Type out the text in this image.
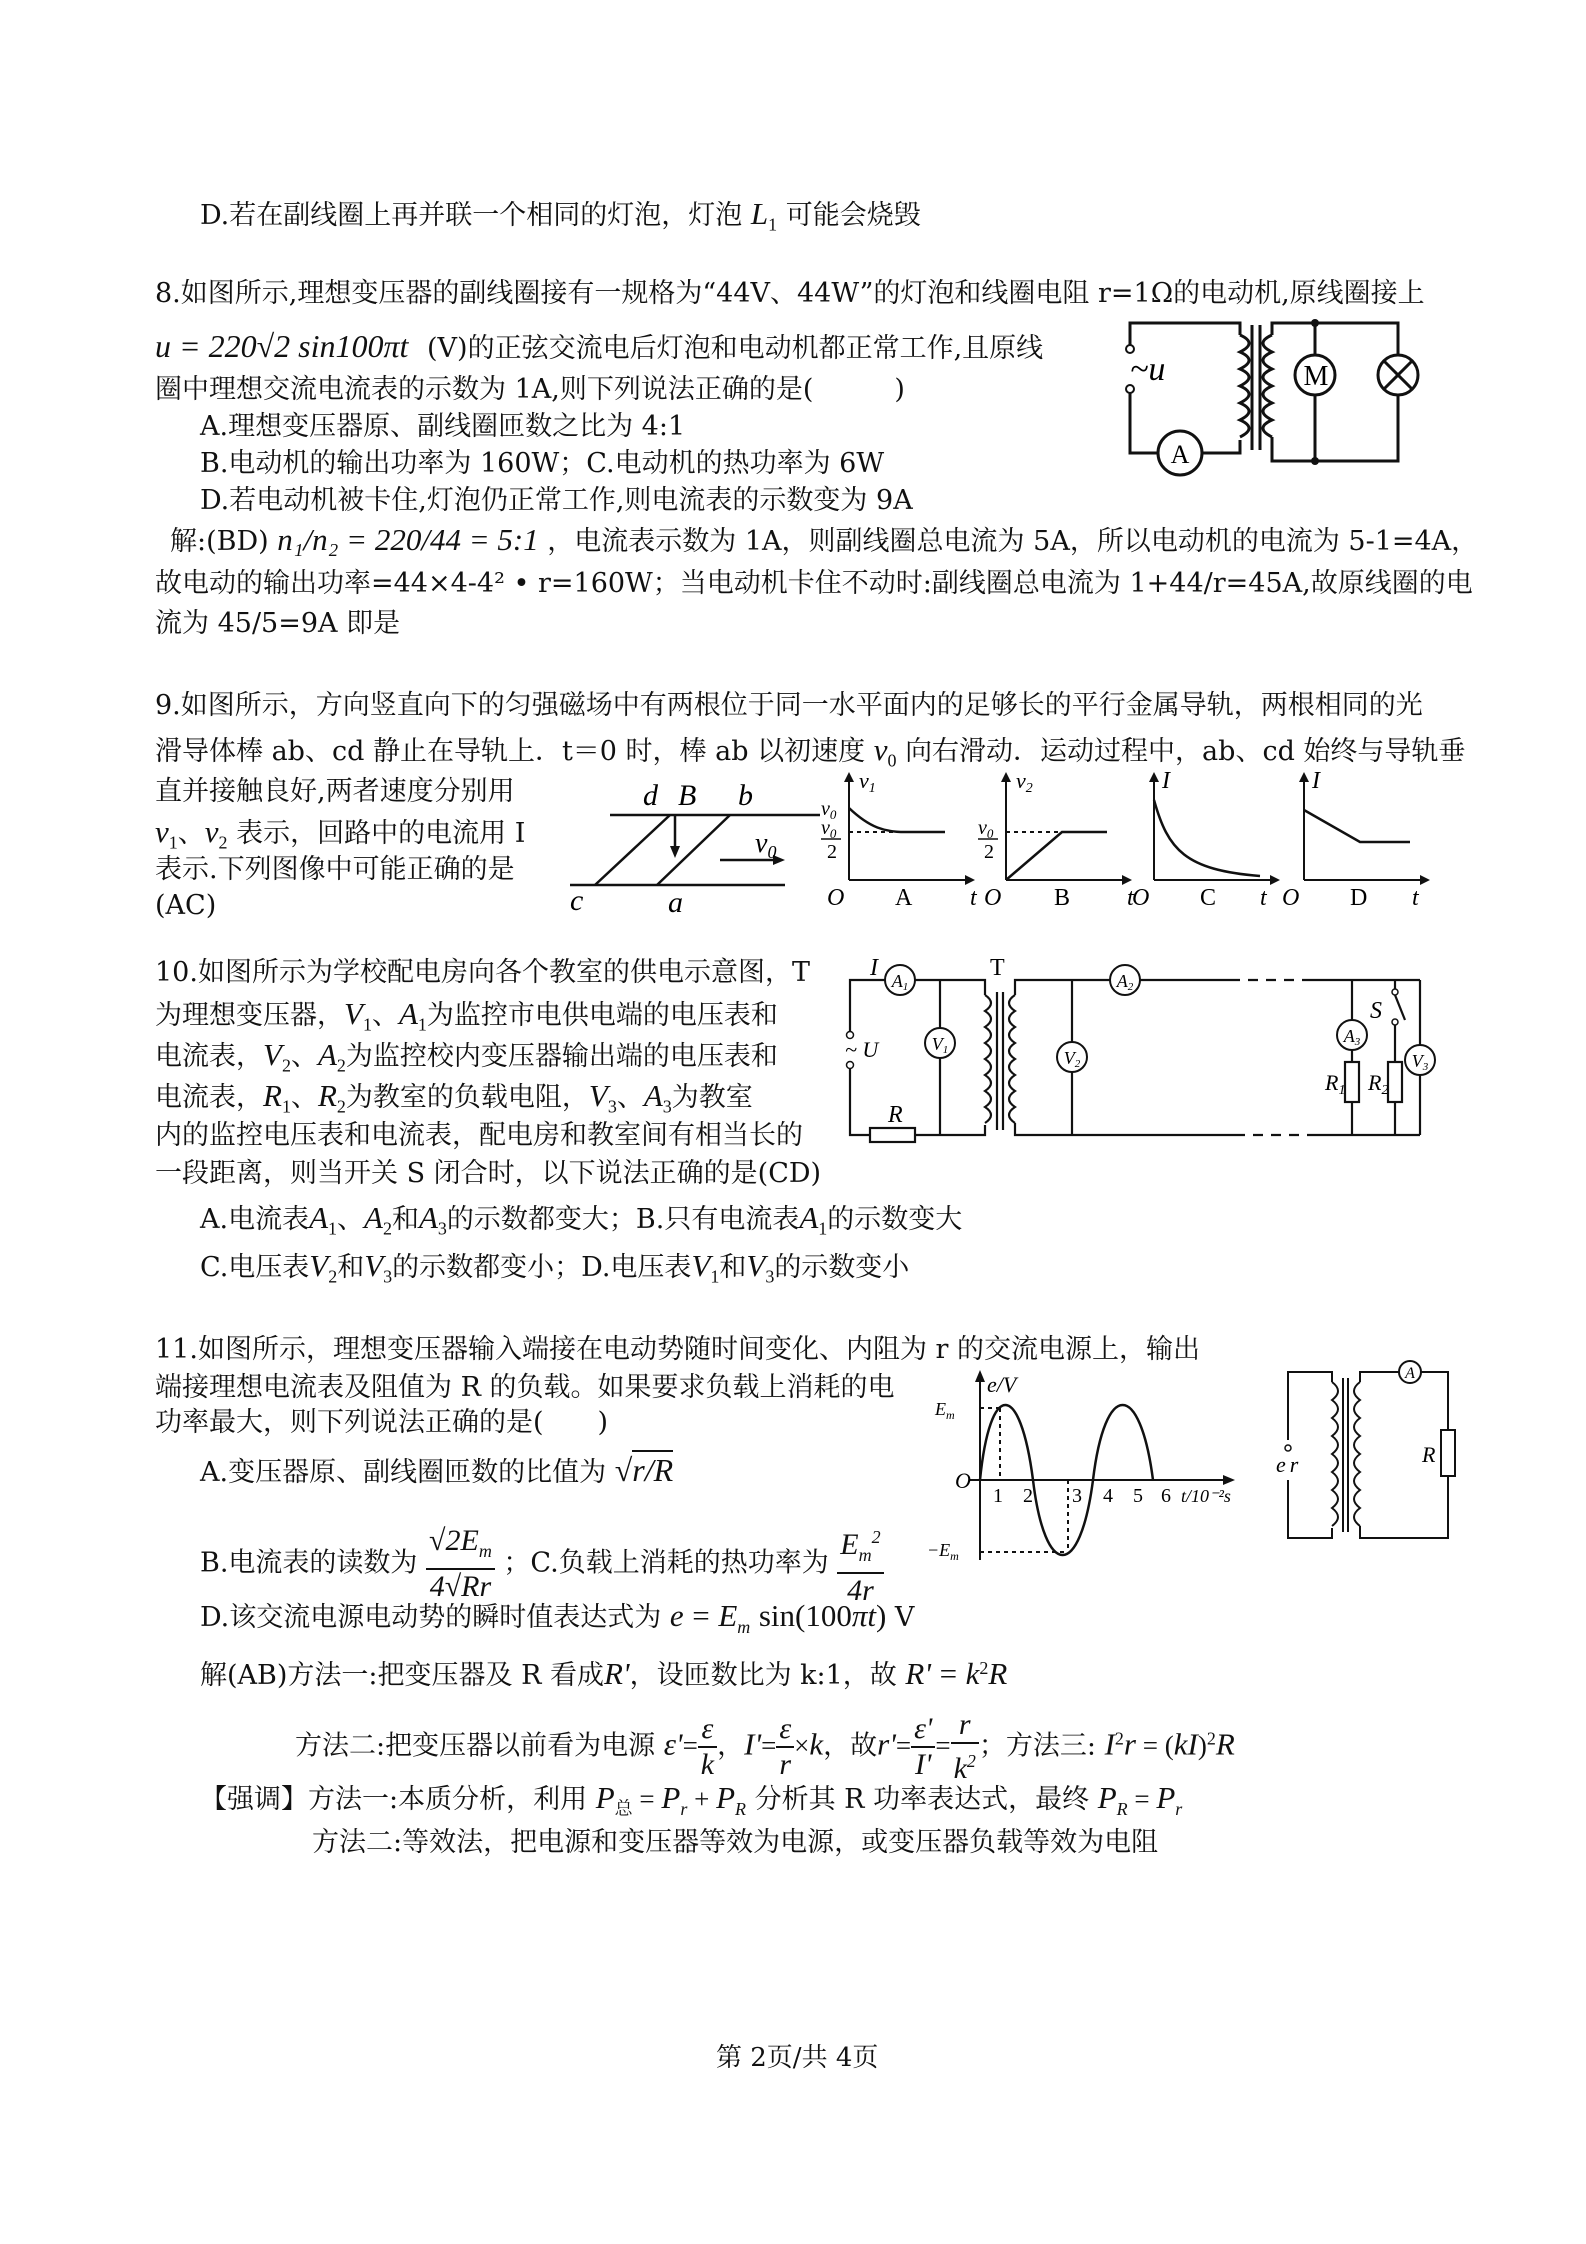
D.若在副线圈上再并联一个相同的灯泡，灯泡 $L_1$ 可能会烧毁
8.如图所示,理想变压器的副线圈接有一规格为“44V、44W”的灯泡和线圈电阻 r=1Ω的电动机,原线圈接上
u = 220√2 sin100πt (V)的正弦交流电后灯泡和电动机都正常工作,且原线
圈中理想交流电流表的示数为 1A,则下列说法正确的是(　　　)
A.理想变压器原、副线圈匝数之比为 4:1
B.电动机的输出功率为 160W；C.电动机的热功率为 6W
D.若电动机被卡住,灯泡仍正常工作,则电流表的示数变为 9A
解:(BD) n₁/n₂ = 220/44 = 5:1 ，电流表示数为 1A，则副线圈总电流为 5A，所以电动机的电流为 5-1=4A，
故电动的输出功率=44×4-4² • r=160W；当电动机卡住不动时:副线圈总电流为 1+44/r=45A,故原线圈的电
流为 45/5=9A 即是
M
A
~u
9.如图所示，方向竖直向下的匀强磁场中有两根位于同一水平面内的足够长的平行金属导轨，两根相同的光
滑导体棒 ab、cd 静止在导轨上．t＝0 时，棒 ab 以初速度 $v_0$ 向右滑动．运动过程中，ab、cd 始终与导轨垂
直并接触良好,两者速度分别用
$v_1$、$v_2$ 表示，回路中的电流用 I
表示.下列图像中可能正确的是
(AC)
d B b
c	a
$v_0$
$v_0$
$v_0$
2
v1
O A t
$v_0$
2
v2
O B t
I
O C t
I
O D t
10.如图所示为学校配电房向各个教室的供电示意图，T
为理想变压器，$V_1$、$A_1$为监控市电供电端的电压表和
电流表，$V_2$、$A_2$为监控校内变压器输出端的电压表和
电流表，$R_1$、$R_2$为教室的负载电阻，$V_3$、$A_3$为教室
内的监控电压表和电流表，配电房和教室间有相当长的
一段距离，则当开关 S 闭合时，以下说法正确的是(CD)
A.电流表$A_1$、$A_2$和$A_3$的示数都变大；B.只有电流表$A_1$的示数变大
C.电压表$V_2$和$V_3$的示数都变小；D.电压表$V_1$和$V_3$的示数变小
A1
V1	V2
A2
A3
V3
I	T
~ U
R
S
R1 R2
11.如图所示，理想变压器输入端接在电动势随时间变化、内阻为 r 的交流电源上，输出
端接理想电流表及阻值为 R 的负载。如果要求负载上消耗的电
功率最大，则下列说法正确的是(　　)
A.变压器原、副线圈匝数的比值为 √r/R
B.电流表的读数为 $\frac{√2E_m}{4√Rr}$ ；C.负载上消耗的热功率为 $\frac{E_m^2}{4r}$
D.该交流电源电动势的瞬时值表达式为 $e = E_m$ sin(100πt) V
解(AB)方法一:把变压器及 R 看成R'，设匝数比为 k:1，故 $R' = k^2R$
方法二:把变压器以前看为电源 $\varepsilon'= \frac{\varepsilon}{k}$ ，$I'= \frac{\varepsilon}{r} \times k$，故$r'= \frac{\varepsilon'}{I'} = \frac{r}{k^2}$ ；方法三: $I^2r = (kI)^2R$
【强调】方法一:本质分析，利用 $P_总 = P_r + P_R$ 分析其 R 功率表达式，最终 $P_R = P_r$
方法二:等效法，把电源和变压器等效为电源，或变压器负载等效为电阻
e/V
$E_m$
$-E_m$
O
1 2 3 4 5 6 t/10⁻²s
A
e r	R
第 2页/共 4页
